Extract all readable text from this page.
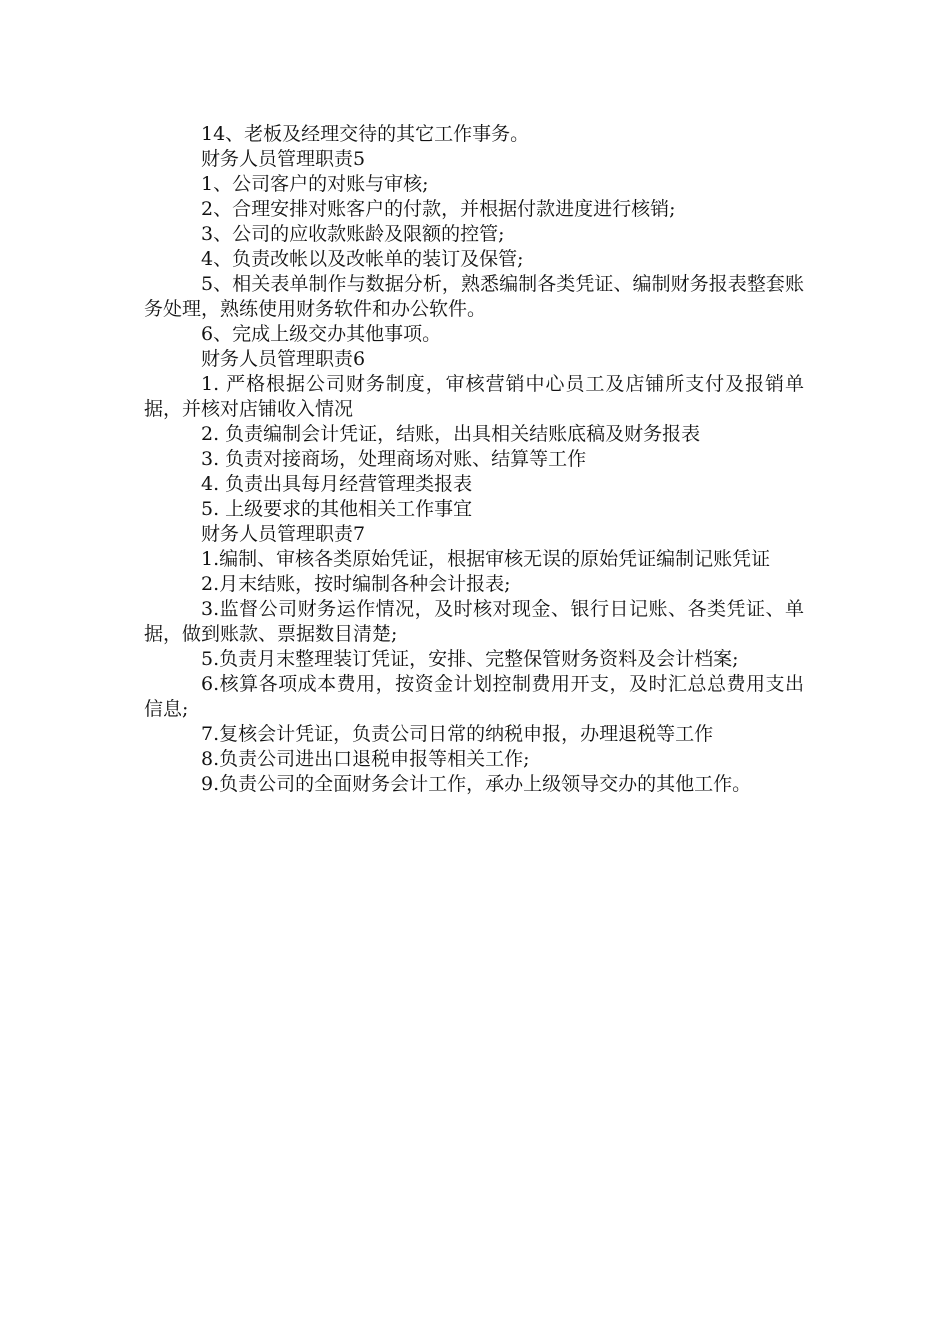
14、老板及经理交待的其它工作事务。

财务人员管理职责5

1、公司客户的对账与审核;

2、合理安排对账客户的付款，并根据付款进度进行核销;

3、公司的应收款账龄及限额的控管;

4、负责改帐以及改帐单的装订及保管;

5、相关表单制作与数据分析，熟悉编制各类凭证、编制财务报表整套账务处理，熟练使用财务软件和办公软件。

6、完成上级交办其他事项。

财务人员管理职责6

1. 严格根据公司财务制度，审核营销中心员工及店铺所支付及报销单据，并核对店铺收入情况

2. 负责编制会计凭证，结账，出具相关结账底稿及财务报表

3. 负责对接商场，处理商场对账、结算等工作

4. 负责出具每月经营管理类报表

5. 上级要求的其他相关工作事宜

财务人员管理职责7

1.编制、审核各类原始凭证，根据审核无误的原始凭证编制记账凭证

2.月末结账，按时编制各种会计报表;

3.监督公司财务运作情况，及时核对现金、银行日记账、各类凭证、单据，做到账款、票据数目清楚;

5.负责月末整理装订凭证，安排、完整保管财务资料及会计档案;

6.核算各项成本费用，按资金计划控制费用开支，及时汇总总费用支出信息;

7.复核会计凭证，负责公司日常的纳税申报，办理退税等工作

8.负责公司进出口退税申报等相关工作;

9.负责公司的全面财务会计工作，承办上级领导交办的其他工作。
